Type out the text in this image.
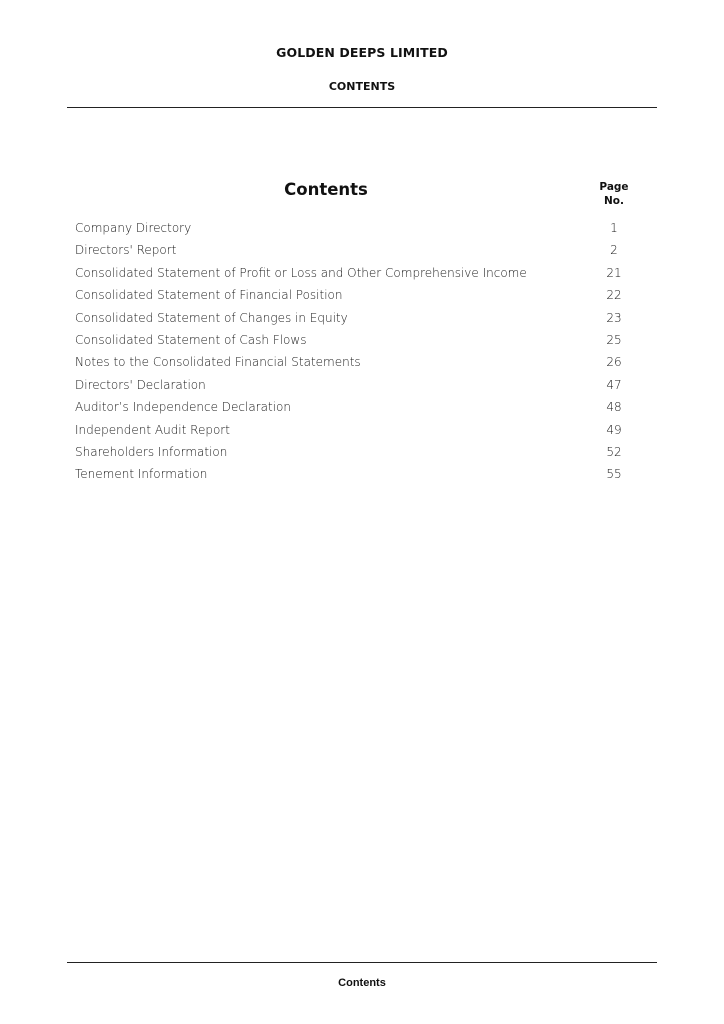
GOLDEN DEEPS LIMITED
CONTENTS
Contents	Page
No.
Company Directory	1
Directors' Report	2
Consolidated Statement of Profit or Loss and Other Comprehensive Income	21
Consolidated Statement of Financial Position	22
Consolidated Statement of Changes in Equity	23
Consolidated Statement of Cash Flows	25
Notes to the Consolidated Financial Statements	26
Directors' Declaration	47
Auditor’s Independence Declaration	48
Independent Audit Report	49
Shareholders Information	52
Tenement Information	55
Contents
